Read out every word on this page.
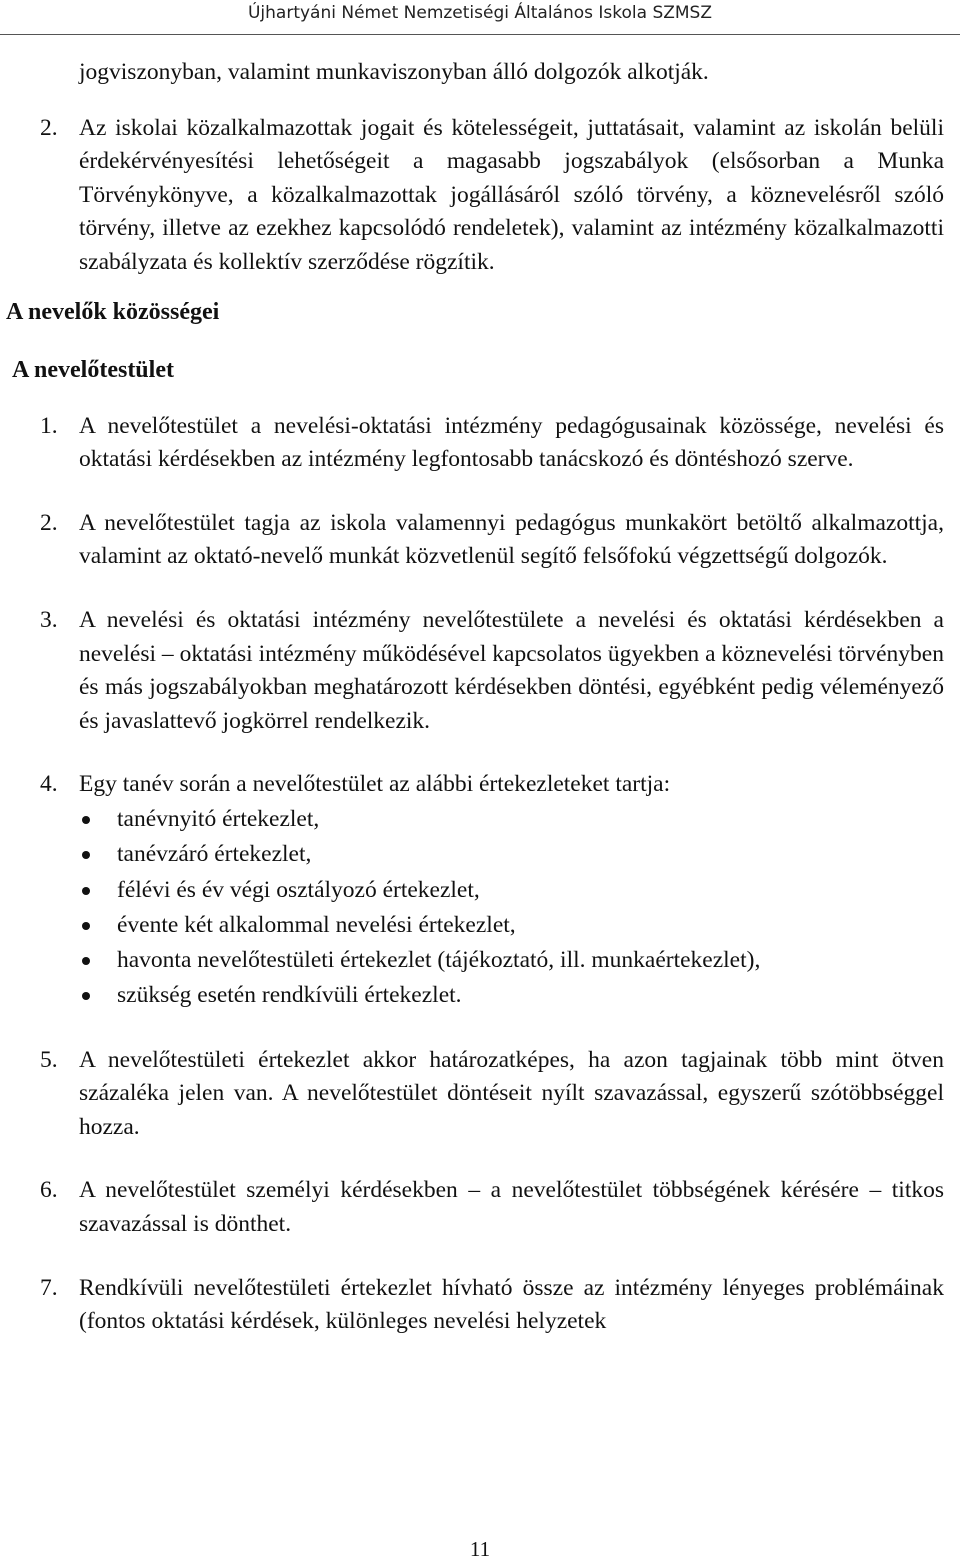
Újhartyáni Német Nemzetiségi Általános Iskola SZMSZ

jogviszonyban, valamint munkaviszonyban álló dolgozók alkotják.

2. Az iskolai közalkalmazottak jogait és kötelességeit, juttatásait, valamint az iskolán belüli érdekérvényesítési lehetőségeit a magasabb jogszabályok (elsősorban a Munka Törvénykönyve, a közalkalmazottak jogállásáról szóló törvény, a köznevelésről szóló törvény, illetve az ezekhez kapcsolódó rendeletek), valamint az intézmény közalkalmazotti szabályzata és kollektív szerződése rögzítik.

A nevelők közösségei
A nevelőtestület

1. A nevelőtestület a nevelési-oktatási intézmény pedagógusainak közössége, nevelési és oktatási kérdésekben az intézmény legfontosabb tanácskozó és döntéshozó szerve.

2. A nevelőtestület tagja az iskola valamennyi pedagógus munkakört betöltő alkalmazottja, valamint az oktató-nevelő munkát közvetlenül segítő felsőfokú végzettségű dolgozók.

3. A nevelési és oktatási intézmény nevelőtestülete a nevelési és oktatási kérdésekben a nevelési – oktatási intézmény működésével kapcsolatos ügyekben a köznevelési törvényben és más jogszabályokban meghatározott kérdésekben döntési, egyébként pedig véleményező és javaslattevő jogkörrel rendelkezik.

4. Egy tanév során a nevelőtestület az alábbi értekezleteket tartja:

tanévnyitó értekezlet,
tanévzáró értekezlet,
félévi és év végi osztályozó értekezlet,
évente két alkalommal nevelési értekezlet,
havonta nevelőtestületi értekezlet (tájékoztató, ill. munkaértekezlet),
szükség esetén rendkívüli értekezlet.

5. A nevelőtestületi értekezlet akkor határozatképes, ha azon tagjainak több mint ötven százaléka jelen van. A nevelőtestület döntéseit nyílt szavazással, egyszerű szótöbbséggel hozza.

6. A nevelőtestület személyi kérdésekben – a nevelőtestület többségének kérésére – titkos szavazással is dönthet.

7. Rendkívüli nevelőtestületi értekezlet hívható össze az intézmény lényeges problémáinak (fontos oktatási kérdések, különleges nevelési helyzetek

11
